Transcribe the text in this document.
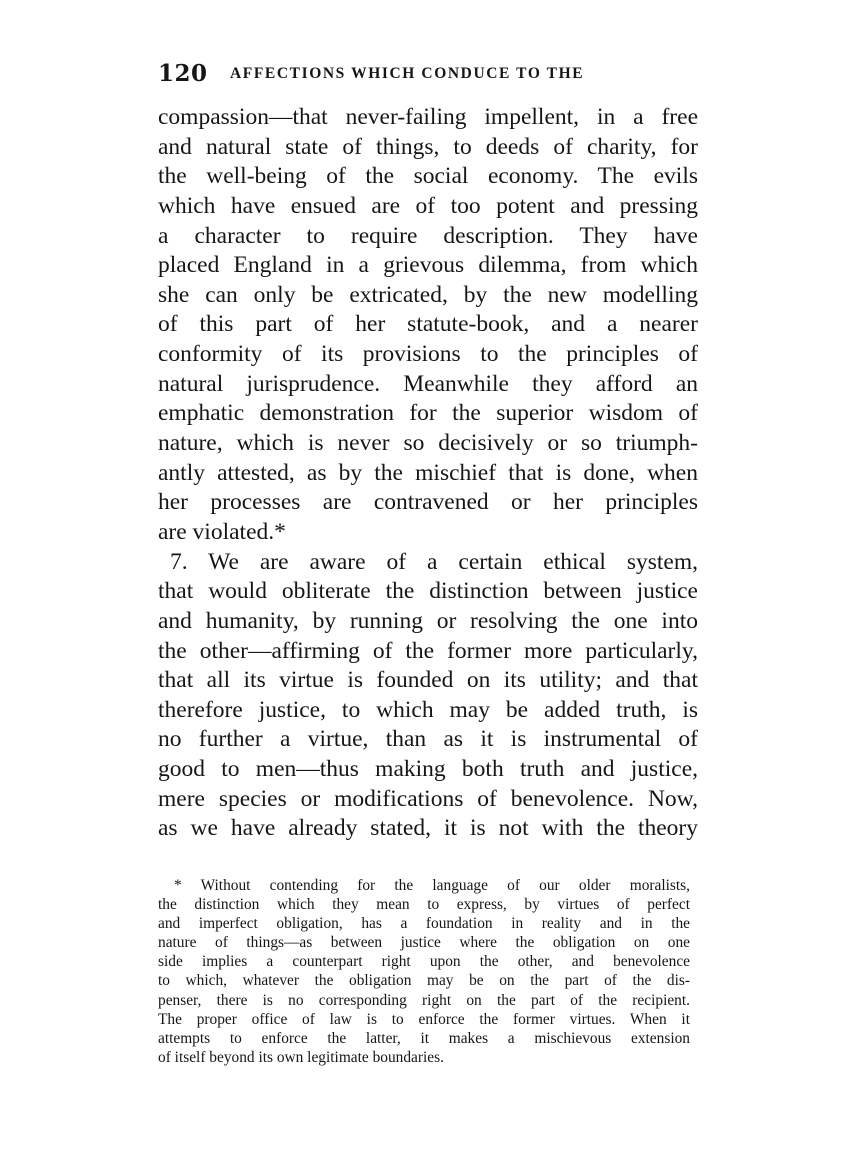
120 AFFECTIONS WHICH CONDUCE TO THE
compassion—that never-failing impellent, in a free
and natural state of things, to deeds of charity, for
the well-being of the social economy. The evils
which have ensued are of too potent and pressing
a character to require description. They have
placed England in a grievous dilemma, from which
she can only be extricated, by the new modelling
of this part of her statute-book, and a nearer
conformity of its provisions to the principles of
natural jurisprudence. Meanwhile they afford an
emphatic demonstration for the superior wisdom of
nature, which is never so decisively or so triumph-
antly attested, as by the mischief that is done, when
her processes are contravened or her principles
are violated.*
7. We are aware of a certain ethical system,
that would obliterate the distinction between justice
and humanity, by running or resolving the one into
the other—affirming of the former more particularly,
that all its virtue is founded on its utility; and that
therefore justice, to which may be added truth, is
no further a virtue, than as it is instrumental of
good to men—thus making both truth and justice,
mere species or modifications of benevolence. Now,
as we have already stated, it is not with the theory
* Without contending for the language of our older moralists,
the distinction which they mean to express, by virtues of perfect
and imperfect obligation, has a foundation in reality and in the
nature of things—as between justice where the obligation on one
side implies a counterpart right upon the other, and benevolence
to which, whatever the obligation may be on the part of the dis-
penser, there is no corresponding right on the part of the recipient.
The proper office of law is to enforce the former virtues. When it
attempts to enforce the latter, it makes a mischievous extension
of itself beyond its own legitimate boundaries.
